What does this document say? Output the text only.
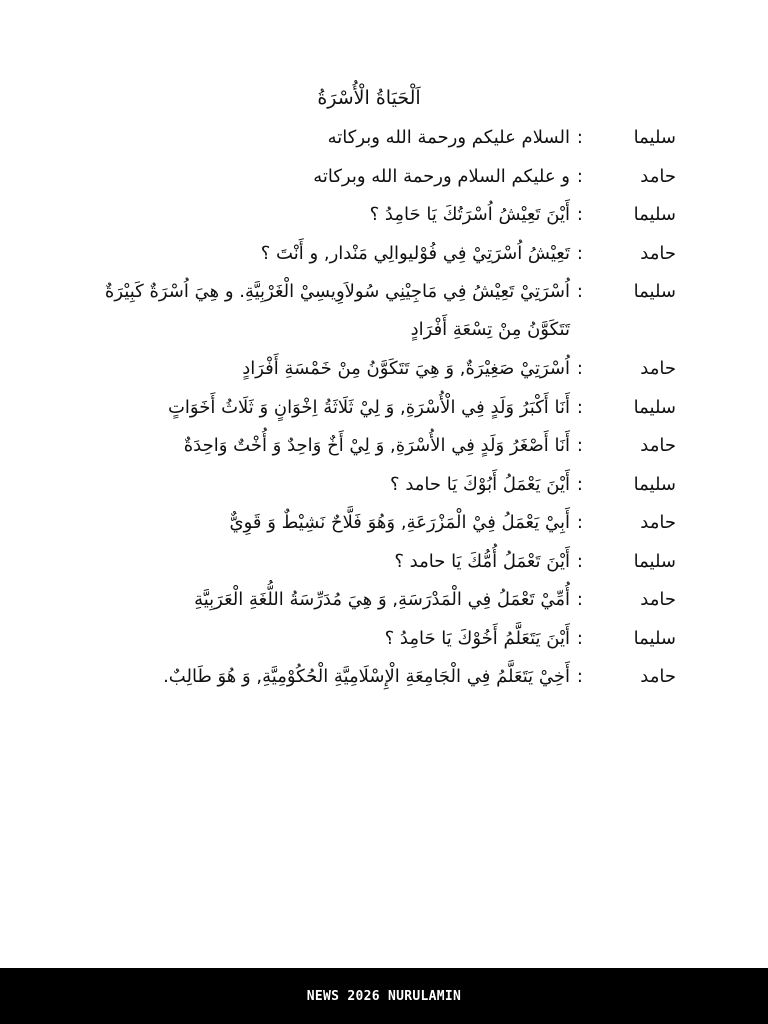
اَلْحَيَاةُ الْأُسْرَةُ
سليما
:
السلام عليكم ورحمة الله وبركاته
حامد
:
و عليكم السلام ورحمة الله وبركاته
سليما
:
أَيْنَ تَعِيْشُ اُسْرَتُكَ يَا حَامِدُ ؟
حامد
:
تَعِيْشُ اُسْرَتِيْ فِي فُوْليوالِي مَنْدار, و أَنْتَ ؟
سليما
:
اُسْرَتِيْ تَعِيْشُ فِي مَاجِيْنِي سُولاَوِيسِيْ الْغَرْبِيَّةِ. و هِيَ اُسْرَةٌ كَبِيْرَةٌ تَتَكَوَّنُ مِنْ تِسْعَةِ أَفْرَادٍ
حامد
:
اُسْرَتِيْ صَغِيْرَةٌ, وَ هِيَ تَتَكَوَّنُ مِنْ خَمْسَةِ أَفْرَادٍ
سليما
:
أَنَا أَكْبَرُ وَلَدٍ فِي الْأُسْرَةِ, وَ لِيْ ثَلَاثَةُ اِخْوَانٍ وَ ثَلَاثُ أَخَوَاتٍ
حامد
:
أَنَا أَصْغَرُ وَلَدٍ فِي الأُسْرَةِ, وَ لِيْ أَخٌ وَاحِدٌ وَ أُخْتٌ وَاحِدَةٌ
سليما
:
أَيْنَ يَعْمَلُ أَبُوْكَ يَا حامد ؟
حامد
:
أَبِيْ يَعْمَلُ فِيْ الْمَزْرَعَةِ, وَهُوَ فَلَّاحٌ نَشِيْطٌ وَ قَوِيٌّ
سليما
:
أَيْنَ تَعْمَلُ أُمُّكَ يَا حامد ؟
حامد
:
أُمِّيْ تَعْمَلُ فِي الْمَدْرَسَةِ, وَ هِيَ مُدَرِّسَةُ اللُّغَةِ الْعَرَبِيَّةِ
سليما
:
أَيْنَ يَتَعَلَّمُ أَخُوْكَ يَا حَامِدُ ؟
حامد
:
أَخِيْ يَتَعَلَّمُ فِي الْجَامِعَةِ الْإِسْلَامِيَّةِ الْحُكُوْمِيَّةِ, وَ هُوَ طَالِبٌ.
NEWS 2026 NURULAMIN
